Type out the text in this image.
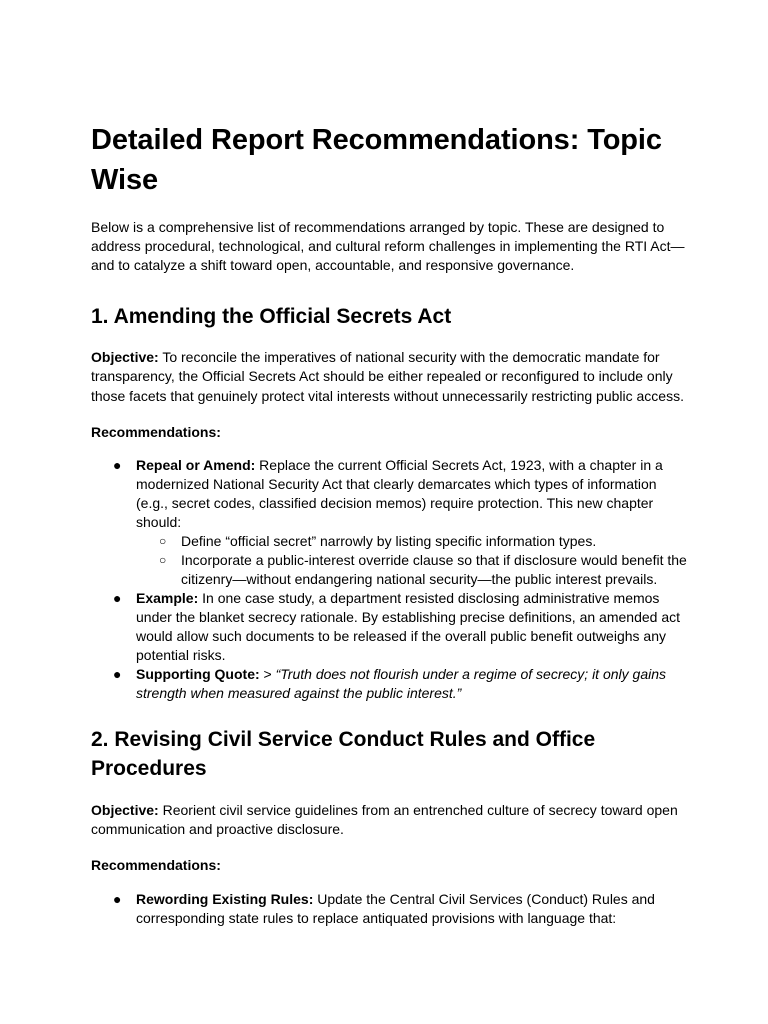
Detailed Report Recommendations: Topic Wise

Below is a comprehensive list of recommendations arranged by topic. These are designed to address procedural, technological, and cultural reform challenges in implementing the RTI Act—and to catalyze a shift toward open, accountable, and responsive governance.

1. Amending the Official Secrets Act

Objective: To reconcile the imperatives of national security with the democratic mandate for transparency, the Official Secrets Act should be either repealed or reconfigured to include only those facets that genuinely protect vital interests without unnecessarily restricting public access.

Recommendations:

● Repeal or Amend: Replace the current Official Secrets Act, 1923, with a chapter in a modernized National Security Act that clearly demarcates which types of information (e.g., secret codes, classified decision memos) require protection. This new chapter should:
○ Define “official secret” narrowly by listing specific information types.
○ Incorporate a public-interest override clause so that if disclosure would benefit the citizenry—without endangering national security—the public interest prevails.
● Example: In one case study, a department resisted disclosing administrative memos under the blanket secrecy rationale. By establishing precise definitions, an amended act would allow such documents to be released if the overall public benefit outweighs any potential risks.
● Supporting Quote: > “Truth does not flourish under a regime of secrecy; it only gains strength when measured against the public interest.”
2. Revising Civil Service Conduct Rules and Office Procedures

Objective: Reorient civil service guidelines from an entrenched culture of secrecy toward open communication and proactive disclosure.

Recommendations:

● Rewording Existing Rules: Update the Central Civil Services (Conduct) Rules and corresponding state rules to replace antiquated provisions with language that:
